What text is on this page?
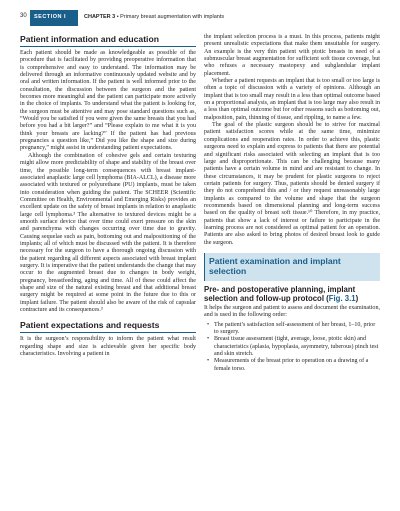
30 SECTION I	CHAPTER 3 • Primary breast augmentation with implants
Patient information and education

Each patient should be made as knowledgeable as possible of the procedure that is facilitated by providing preoperative information that is comprehensive and easy to understand. The information may be delivered through an informative continuously updated website and by oral and written information. If the patient is well informed prior to the consultation, the discussion between the surgeon and the patient becomes more meaningful and the patient can participate more actively in the choice of implants. To understand what the patient is looking for, the surgeon must be attentive and may pose standard questions such as, “Would you be satisfied if you were given the same breasts that you had before you had a bit larger?” and “Please explain to me what it is you think your breasts are lacking?” If the patient has had previous pregnancies a question like,” Did you like the shape and size during pregnancy,” might assist in understanding patient expectations.

Although the combination of cohesive gels and certain texturing might allow more predictability of shape and stability of the breast over time, the possible long-term consequences with breast implant-associated anaplastic large cell lymphoma (BIA-ALCL), a disease more associated with textured or polyurethane (PU) implants, must be taken into consideration when guiding the patient. The SCHEER (Scientific Committee on Health, Environmental and Emerging Risks) provides an excellent update on the safety of breast implants in relation to anaplastic large cell lymphoma.³ The alternative to textured devices might be a smooth surface device that over time could exert pressure on the skin and parenchyma with changes occurring over time due to gravity. Causing sequelae such as pain, bottoming out and malpositioning of the implants; all of which must be discussed with the patient. It is therefore necessary for the surgeon to have a thorough ongoing discussion with the patient regarding all different aspects associated with breast implant surgery. It is imperative that the patient understands the change that may occur to the augmented breast due to changes in body weight, pregnancy, breastfeeding, aging and time. All of these could affect the shape and size of the natural existing breast and that additional breast surgery might be required at some point in the future due to this or implant failure. The patient should also be aware of the risk of capsular contracture and its consequences.³

Patient expectations and requests

It is the surgeon’s responsibility to inform the patient what result regarding shape and size is achievable given her specific body characteristics. Involving a patient in

the implant selection process is a must. In this process, patients might present unrealistic expectations that make them unsuitable for surgery. An example is the very thin patient with ptotic breasts in need of a submuscular breast augmentation for sufficient soft tissue coverage, but who refuses a necessary mastopexy and subglandular implant placement.

Whether a patient requests an implant that is too small or too large is often a topic of discussion with a variety of opinions. Although an implant that is too small may result in a less than optimal outcome based on a proportional analysis, an implant that is too large may also result in a less than optimal outcome but for other reasons such as bottoming out, malposition, pain, thinning of tissue, and rippling, to name a few.

The goal of the plastic surgeon should be to strive for maximal patient satisfaction scores while at the same time, minimize complications and reoperation rates. In order to achieve this, plastic surgeons need to explain and express to patients that there are potential and significant risks associated with selecting an implant that is too large and disproportionate. This can be challenging because many patients have a certain volume in mind and are resistant to change. In these circumstances, it may be prudent for plastic surgeons to reject certain patients for surgery. Thus, patients should be denied surgery if they do not comprehend this and / or they request unreasonably large implants as compared to the volume and shape that the surgeon recommends based on dimensional planning and long-term success based on the quality of breast soft tissue.¹⁰ Therefore, in my practice, patients that show a lack of interest or failure to participate in the learning process are not considered as optimal patient for an operation. Patients are also asked to bring photos of desired breast look to guide the surgeon.

Patient examination and implant selection
Pre- and postoperative planning, implant selection and follow-up protocol (Fig. 3.1)

It helps the surgeon and patient to assess and document the examination, and is used in the following order:

• The patient’s satisfaction self-assessment of her breast, 1–10, prior to surgery.
• Breast tissue assessment (tight, average, loose, ptotic skin) and characteristics (aplasia, hypoplasia, asymmetry, tuberous) pinch test and skin stretch.
• Measurements of the breast prior to operation on a drawing of a female torso.
